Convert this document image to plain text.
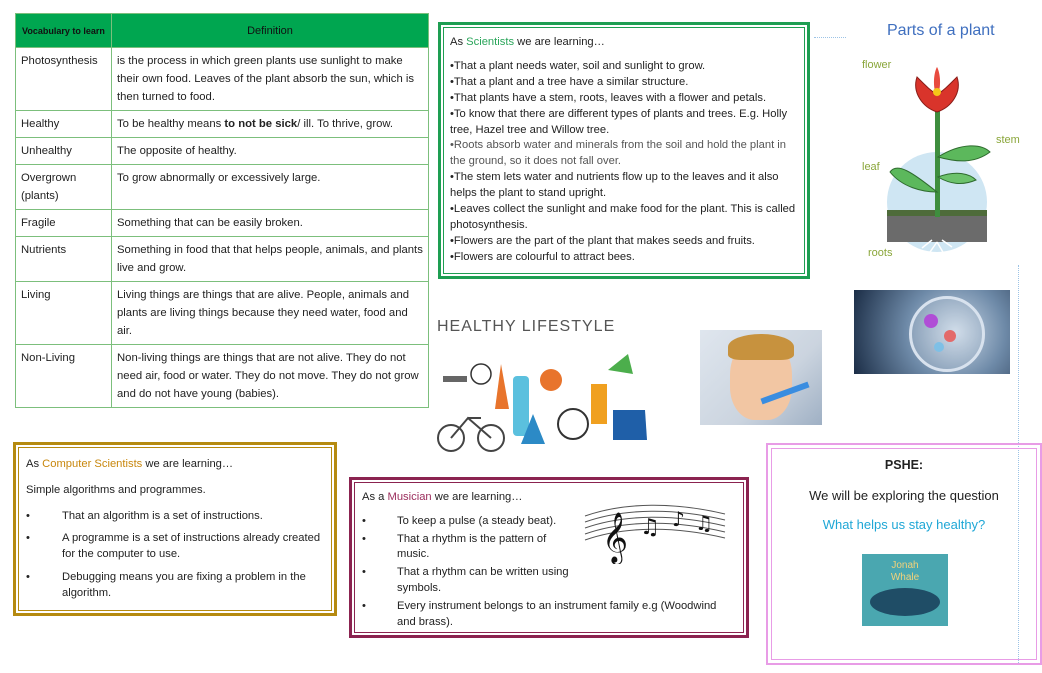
Vocabulary to learn	Definition
Photosynthesis	is the process in which green plants use sunlight to make their own food. Leaves of the plant absorb the sun, which is then turned to food.
Healthy	To be healthy means to not be sick/ ill. To thrive, grow.
Unhealthy	The opposite of healthy.
Overgrown (plants)	To grow abnormally or excessively large.
Fragile	Something that can be easily broken.
Nutrients	Something in food that that helps people, animals, and plants live and grow.
Living	Living things are things that are alive. People, animals and plants are living things because they need water, food and air.
Non-Living	Non-living things are things that are not alive. They do not need air, food or water. They do not move. They do not grow and do not have young (babies).
As Scientists we are learning…
•That a plant needs water, soil and sunlight to grow.
•That a plant and a tree have a similar structure.
•That plants have a stem, roots, leaves with a flower and petals.
•To know that there are different types of plants and trees. E.g. Holly tree, Hazel tree and Willow tree.
•Roots absorb water and minerals from the soil and hold the plant in the ground, so it does not fall over.
•The stem lets water and nutrients flow up to the leaves and it also helps the plant to stand upright.
•Leaves collect the sunlight and make food for the plant. This is called photosynthesis.
•Flowers are the part of the plant that makes seeds and fruits.
•Flowers are colourful to attract bees.
Parts of a plant
flower
stem
leaf
roots
HEALTHY LIFESTYLE
As Computer Scientists we are learning…
Simple algorithms and programmes.
• That an algorithm is a set of instructions.
• A programme is a set of instructions already created for the computer to use.
• Debugging means you are fixing a problem in the algorithm.
As a Musician we are learning…
• To keep a pulse (a steady beat).
• That a rhythm is the pattern of music.
• That a rhythm can be written using symbols.
• Every instrument belongs to an instrument family e.g (Woodwind and brass).
𝄞 ♫ ♪ ♫
PSHE:
We will be exploring the question
What helps us stay healthy?
Jonah Whale
